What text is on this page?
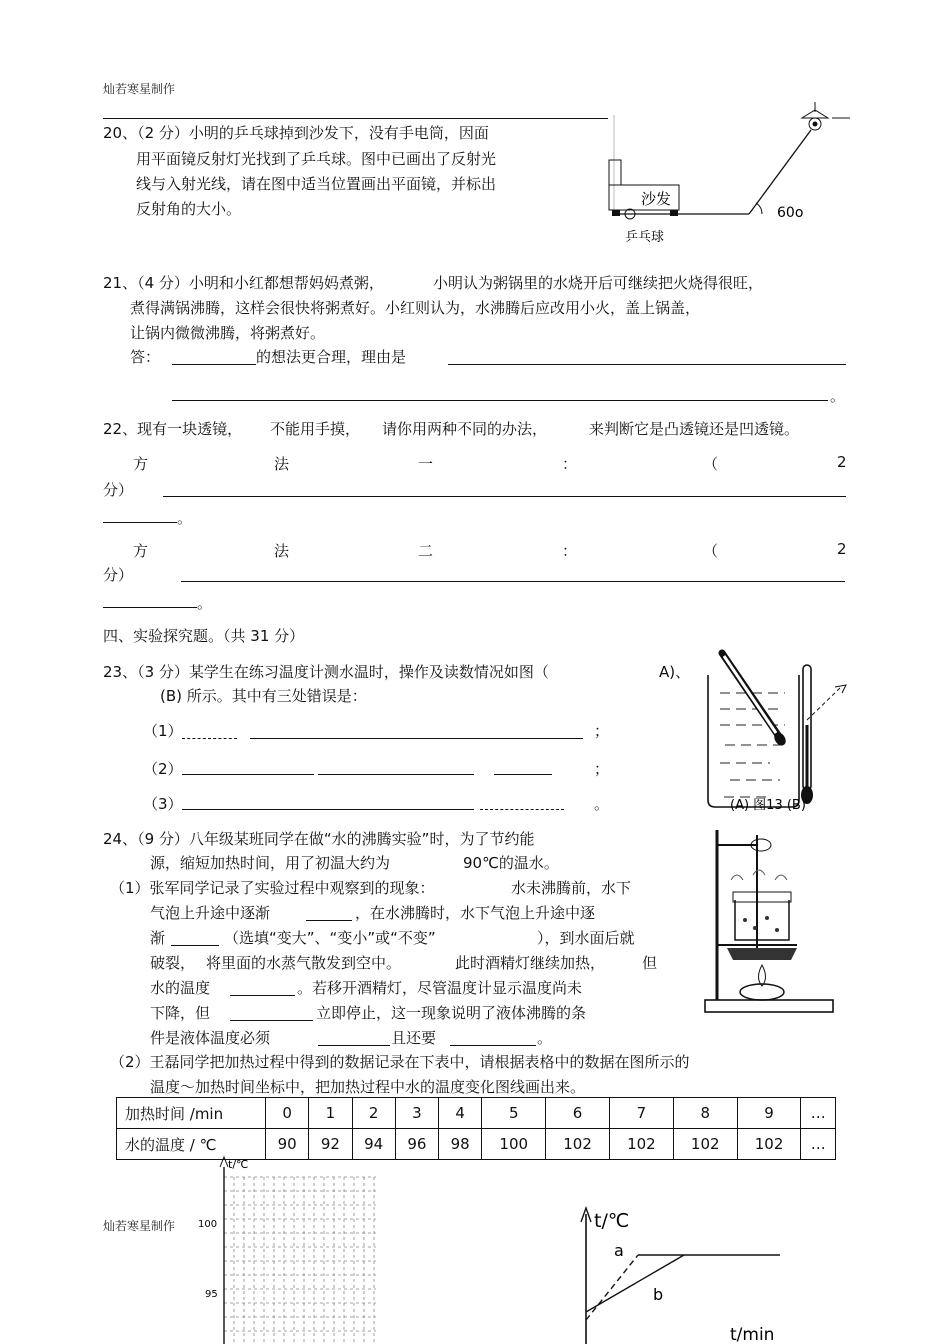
灿若寒星制作
20、（2 分）小明的乒乓球掉到沙发下，没有手电筒，因面
用平面镜反射灯光找到了乒乓球。图中已画出了反射光
线与入射光线，请在图中适当位置画出平面镜，并标出
反射角的大小。
沙发
乒乓球
60o
21、（4 分）小明和小红都想帮妈妈煮粥，	小明认为粥锅里的水烧开后可继续把火烧得很旺，
煮得满锅沸腾，这样会很快将粥煮好。小红则认为，水沸腾后应改用小火，盖上锅盖，
让锅内微微沸腾，将粥煮好。
答：	的想法更合理，理由是
。
22、现有一块透镜， 不能用手摸， 请你用两种不同的办法，	来判断它是凸透镜还是凹透镜。
方	法	一	：	（	2
分）
。
方	法	二	：	（	2
分）
。
四、实验探究题。（共 31 分）
23、（3 分）某学生在练习温度计测水温时，操作及读数情况如图（	A)、
(B) 所示。其中有三处错误是：
（1）	；
（2）	；
（3）	。	(A) 图13 (B)
24、（9 分）八年级某班同学在做“水的沸腾实验”时，为了节约能
源，缩短加热时间，用了初温大约为	90℃的温水。
（1）张军同学记录了实验过程中观察到的现象：	水未沸腾前，水下
气泡上升途中逐渐	，在水沸腾时，水下气泡上升途中逐
渐	（选填“变大”、“变小”或“不变”	），到水面后就
破裂， 将里面的水蒸气散发到空中。	此时酒精灯继续加热， 但
水的温度	。若移开酒精灯，尽管温度计显示温度尚未
下降，但	立即停止，这一现象说明了液体沸腾的条
件是液体温度必须	且还要	。
（2）王磊同学把加热过程中得到的数据记录在下表中，请根据表格中的数据在图所示的
温度～加热时间坐标中，把加热过程中水的温度变化图线画出来。
加热时间 /min	0	1	2	3	4	5	6	7	8	9	…
水的温度 / ℃	90	92	94	96	98	100	102	102	102	102	…
t/℃
100
95
灿若寒星制作	t/℃
a
b
t/min
